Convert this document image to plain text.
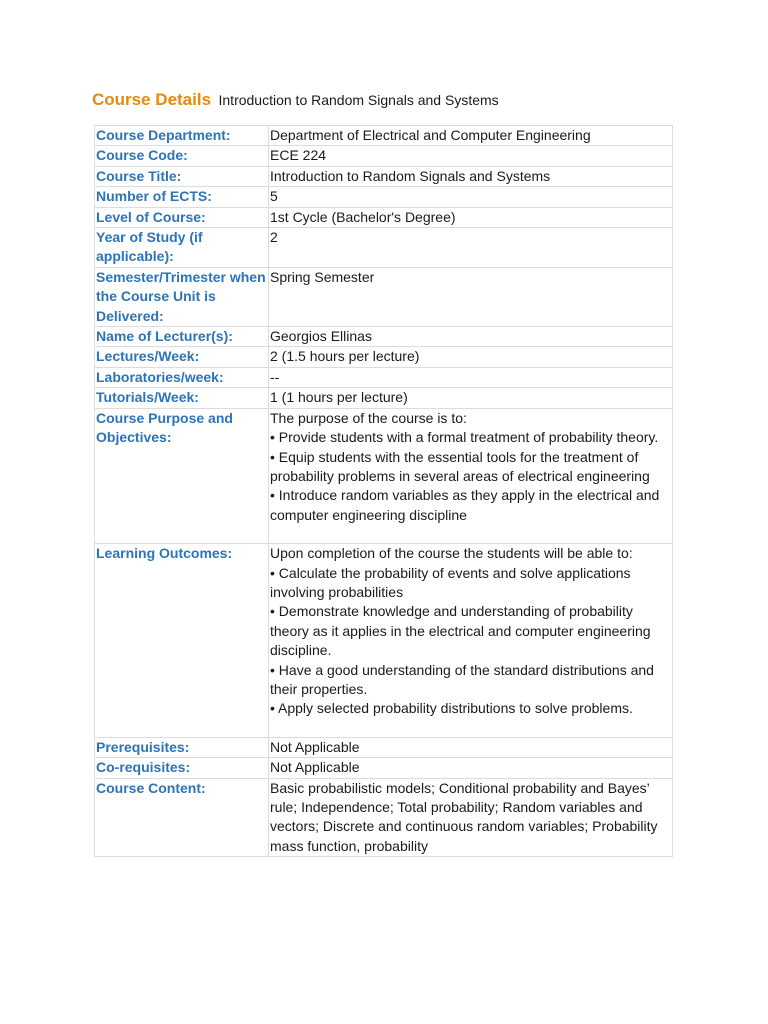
Course Details Introduction to Random Signals and Systems
Course Department:	Department of Electrical and Computer Engineering
Course Code:	ECE 224
Course Title:	Introduction to Random Signals and Systems
Number of ECTS:	5
Level of Course:	1st Cycle (Bachelor's Degree)
Year of Study (if applicable):	2
Semester/Trimester when the Course Unit is Delivered:	Spring Semester
Name of Lecturer(s):	Georgios Ellinas
Lectures/Week:	2 (1.5 hours per lecture)
Laboratories/week:	--
Tutorials/Week:	1 (1 hours per lecture)
Course Purpose and Objectives:	The purpose of the course is to:
• Provide students with a formal treatment of probability theory.
• Equip students with the essential tools for the treatment of probability problems in several areas of electrical engineering
• Introduce random variables as they apply in the electrical and computer engineering discipline

Learning Outcomes:	Upon completion of the course the students will be able to:
• Calculate the probability of events and solve applications involving probabilities
• Demonstrate knowledge and understanding of probability theory as it applies in the electrical and computer engineering discipline.
• Have a good understanding of the standard distributions and their properties.
• Apply selected probability distributions to solve problems.

Prerequisites:	Not Applicable
Co-requisites:	Not Applicable
Course Content:	Basic probabilistic models; Conditional probability and Bayes’ rule; Independence; Total probability; Random variables and vectors; Discrete and continuous random variables; Probability mass function, probability
